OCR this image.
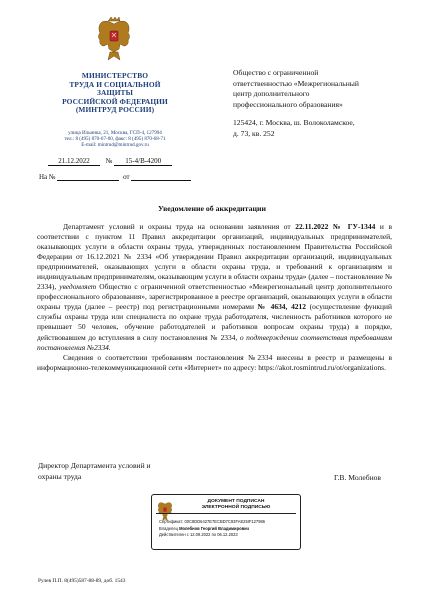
МИНИСТЕРСТВО
ТРУДА И СОЦИАЛЬНОЙ
ЗАЩИТЫ
РОССИЙСКОЙ ФЕДЕРАЦИИ
(МИНТРУД РОССИИ)
улица Ильинка, 21, Москва, ГСП-4, 127994
тел.: 8 (495) 870-67-00, факс: 8 (495) 870-68-71
E-mail: mintrud@mintrud.gov.ru
21.12.2022 № 15-4/В-4200
На №	от
Общество с ограниченной
ответственностью «Межрегиональный
центр дополнительного
профессионального образования»
125424, г. Москва, ш. Волоколамское,
д. 73, кв. 252
Уведомление об аккредитации

Департамент условий и охраны труда на основании заявления от 22.11.2022 № ГУ-1344 и в соответствии с пунктом 11 Правил аккредитации организаций, индивидуальных предпринимателей, оказывающих услуги в области охраны труда, утвержденных постановлением Правительства Российской Федерации от 16.12.2021 № 2334 «Об утверждении Правил аккредитации организаций, индивидуальных предпринимателей, оказывающих услуги в области охраны труда, и требований к организациям и индивидуальным предпринимателям, оказывающим услуги в области охраны труда» (далее – постановление № 2334), уведомляет Общество с ограниченной ответственностью «Межрегиональный центр дополнительного профессионального образования», зарегистрированное в реестре организаций, оказывающих услуги в области охраны труда (далее – реестр) под регистрационными номерами № 4634, 4212 (осуществление функций службы охраны труда или специалиста по охране труда работодателя, численность работников которого не превышает 50 человек, обучение работодателей и работников вопросам охраны труда) в порядке, действовавшем до вступления в силу постановления № 2334, о подтверждении соответствия требованиям постановления №2334.

Сведения о соответствии требованиям постановления №2334 внесены в реестр и размещены в информационно-телекоммуникационной сети «Интернет» по адресу: https://akot.rosmintrud.ru/ot/organizations.

Директор Департамента условий и
охраны труда	Г.В. Молебнов
ДОКУМЕНТ ПОДПИСАН
ЭЛЕКТРОННОЙ ПОДПИСЬЮ
Сертификат: 00C8DD6427E7ECBD7C93FAE25IF127986
Владелец Молебнов Георгий Владимирович
Действителен с 12.09.2022 по 06.12.2023
Рулев П.П. 8(495)587-88-89, доб. 1543
